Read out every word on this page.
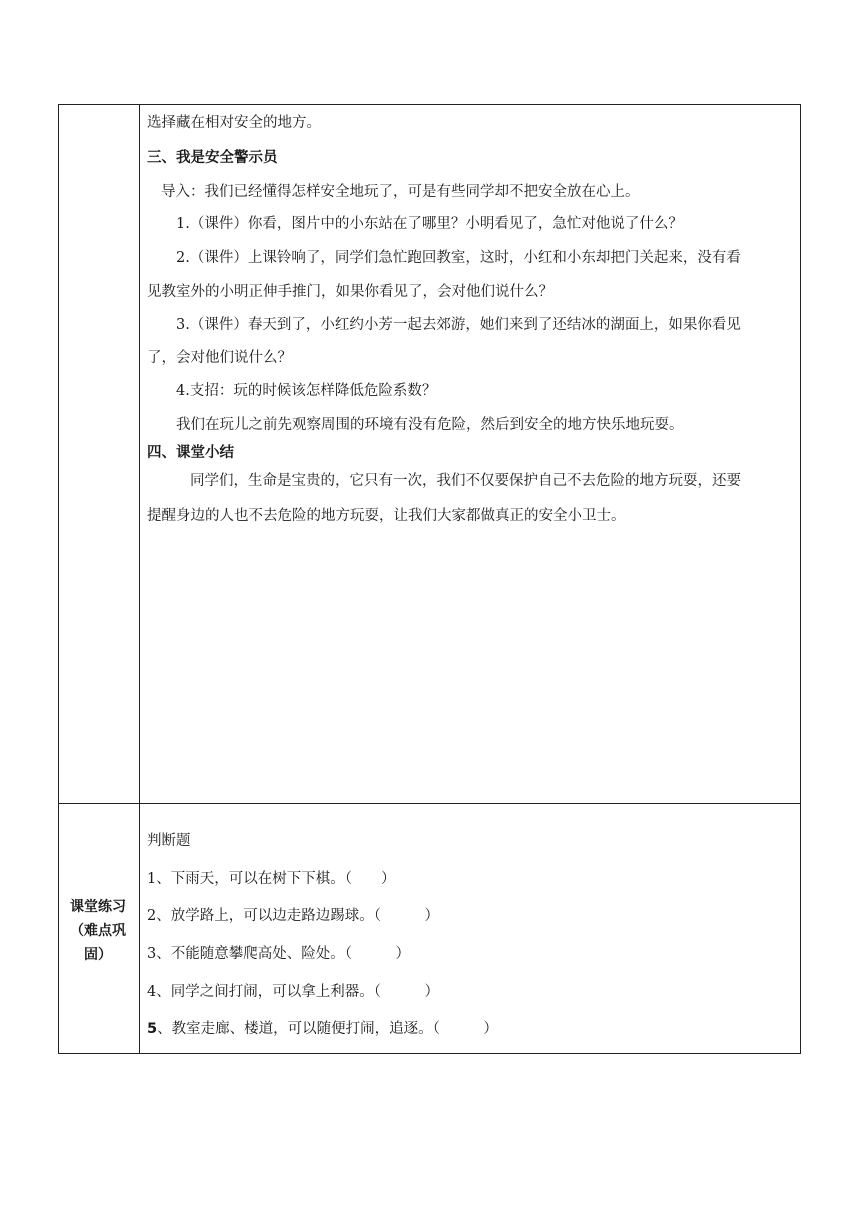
选择藏在相对安全的地方。
三、我是安全警示员
导入：我们已经懂得怎样安全地玩了，可是有些同学却不把安全放在心上。
1.（课件）你看，图片中的小东站在了哪里？小明看见了，急忙对他说了什么？
2.（课件）上课铃响了，同学们急忙跑回教室，这时，小红和小东却把门关起来，没有看
见教室外的小明正伸手推门，如果你看见了，会对他们说什么？
3.（课件）春天到了，小红约小芳一起去郊游，她们来到了还结冰的湖面上，如果你看见
了，会对他们说什么？
4.支招：玩的时候该怎样降低危险系数？
我们在玩儿之前先观察周围的环境有没有危险，然后到安全的地方快乐地玩耍。
四、课堂小结
同学们，生命是宝贵的，它只有一次，我们不仅要保护自己不去危险的地方玩耍，还要
提醒身边的人也不去危险的地方玩耍，让我们大家都做真正的安全小卫士。
课堂练习
（难点巩
固）
判断题
1、下雨天，可以在树下下棋。（　　）
2、放学路上，可以边走路边踢球。（　　　）
3、不能随意攀爬高处、险处。（　　　）
4、同学之间打闹，可以拿上利器。（　　　）
5、教室走廊、楼道，可以随便打闹，追逐。（　　　）
